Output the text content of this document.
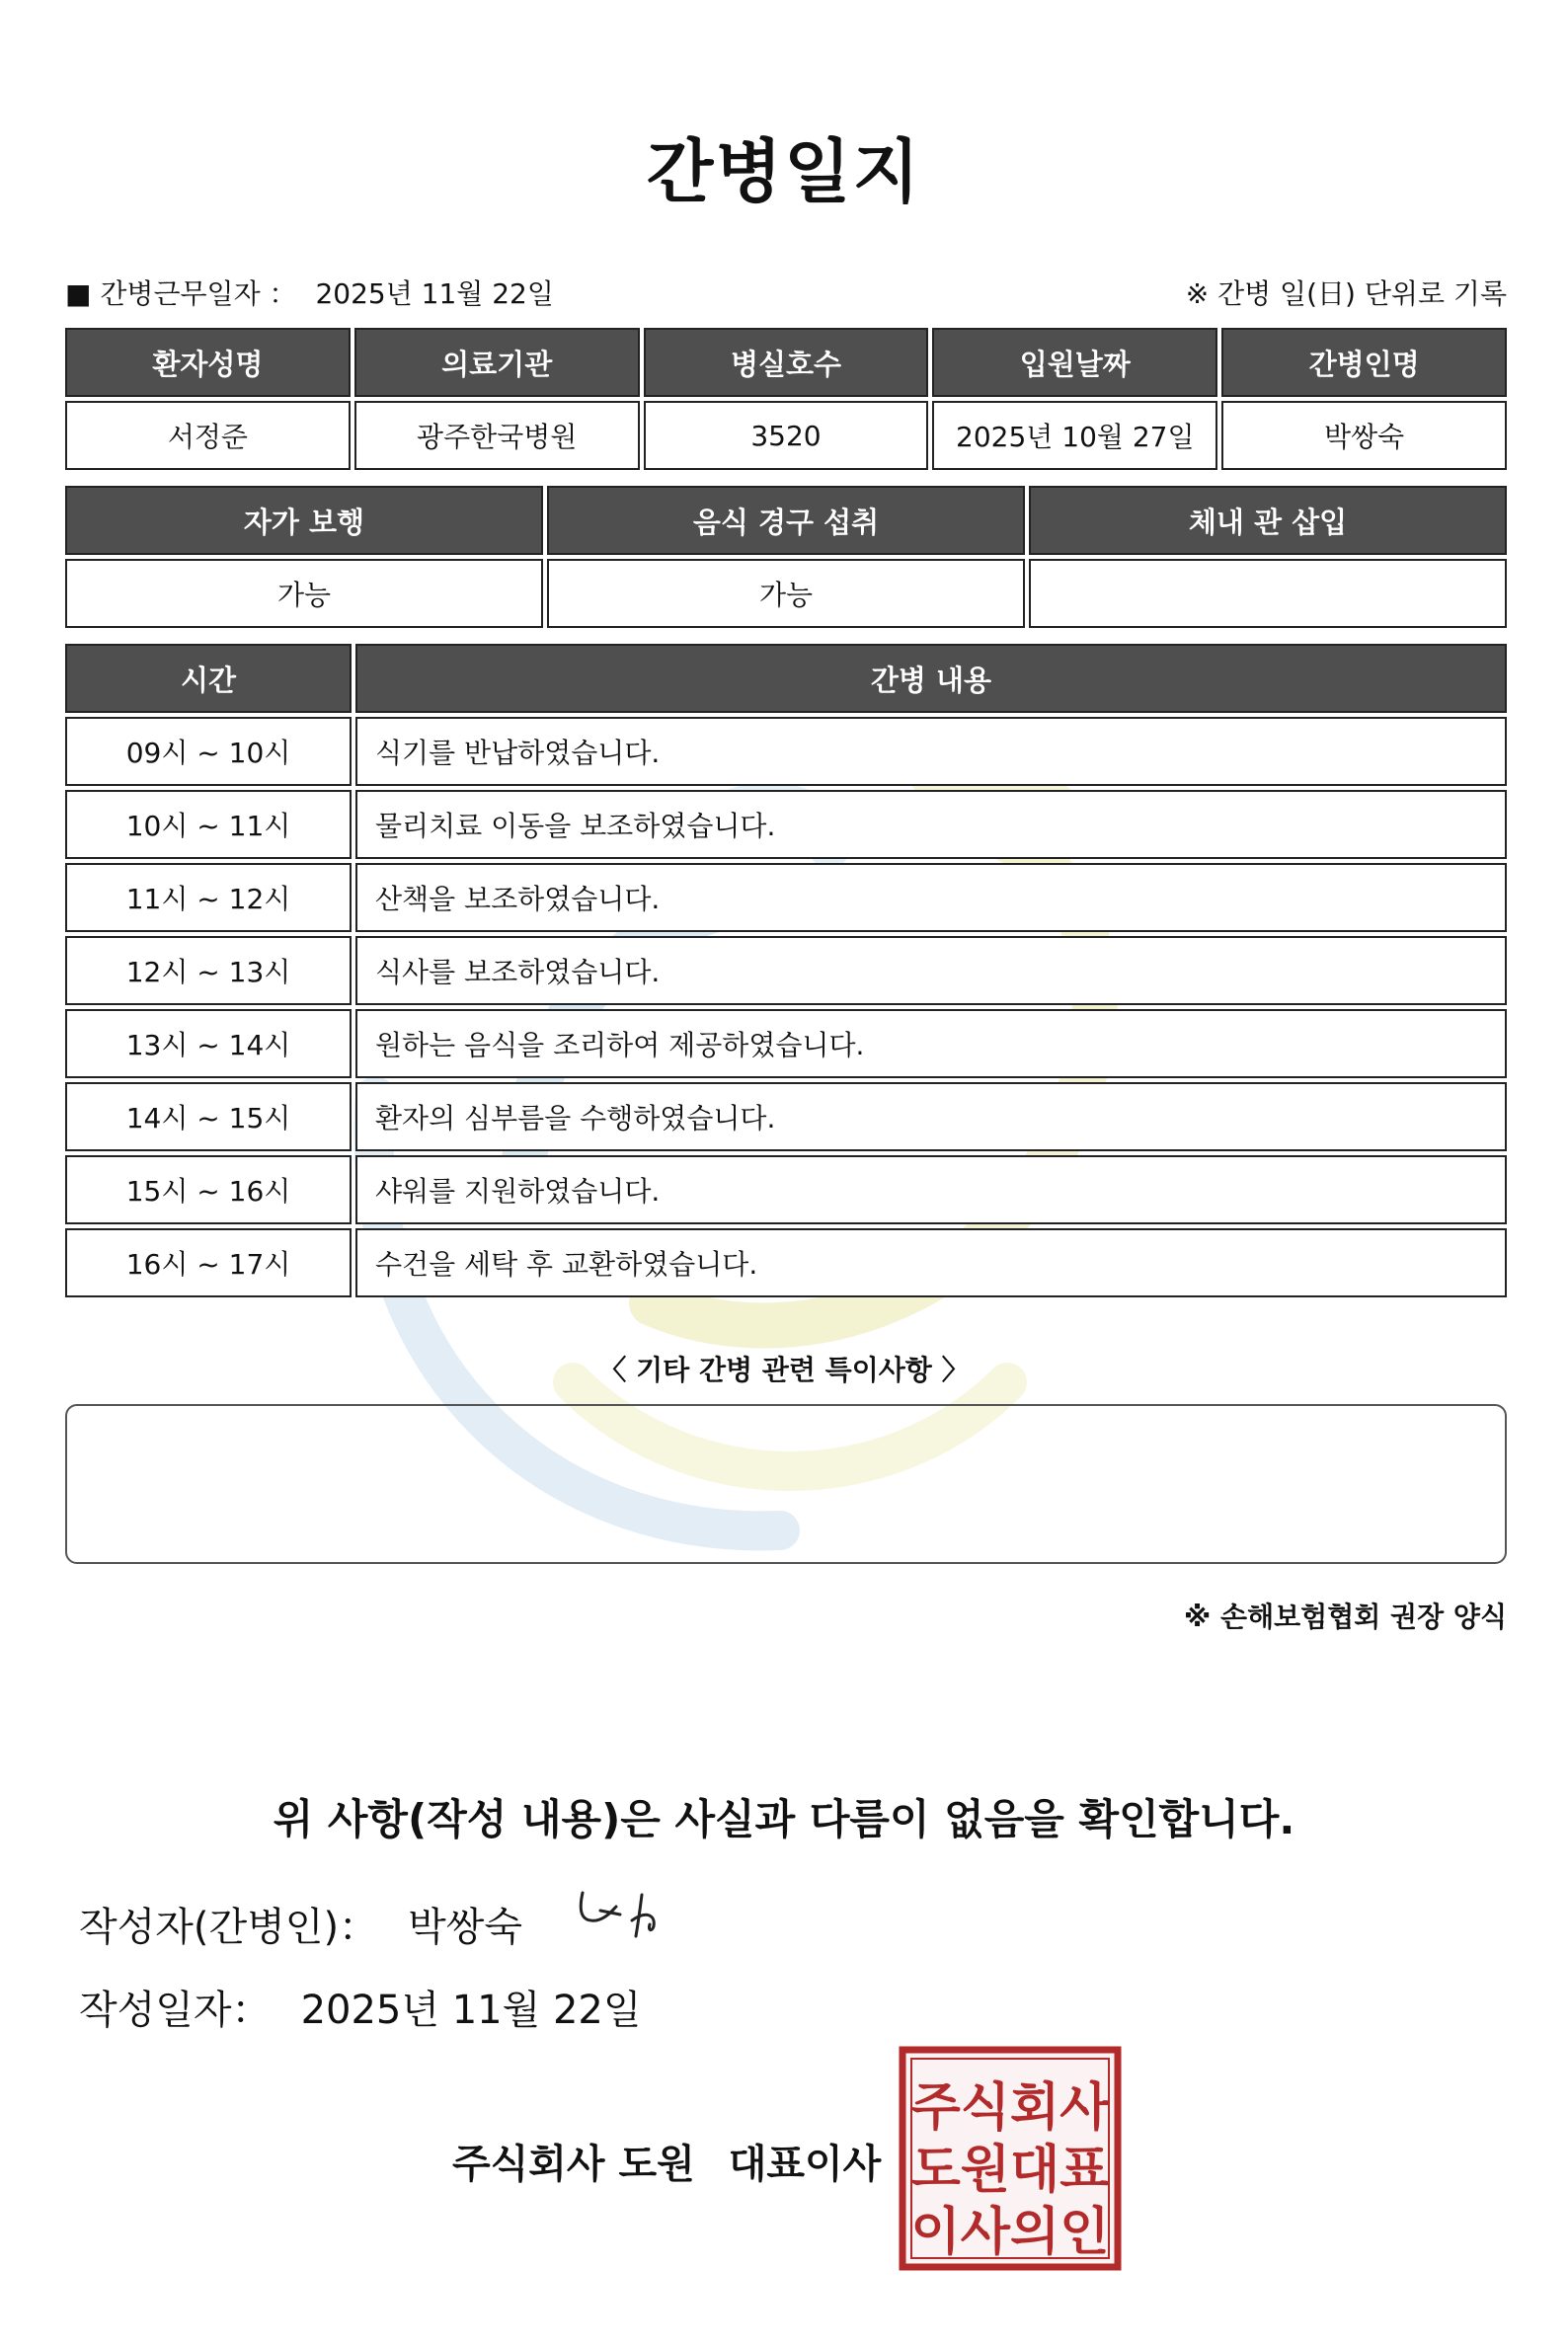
간병일지
■ 간병근무일자 ： 2025년 11월 22일	※ 간병 일(日) 단위로 기록
환자성명	의료기관	병실호수	입원날짜	간병인명
서정준	광주한국병원	3520	2025년 10월 27일	박쌍숙
자가 보행	음식 경구 섭취	체내 관 삽입
가능	가능	
시간	간병 내용
09시 ~ 10시	식기를 반납하였습니다.
10시 ~ 11시	물리치료 이동을 보조하였습니다.
11시 ~ 12시	산책을 보조하였습니다.
12시 ~ 13시	식사를 보조하였습니다.
13시 ~ 14시	원하는 음식을 조리하여 제공하였습니다.
14시 ~ 15시	환자의 심부름을 수행하였습니다.
15시 ~ 16시	샤워를 지원하였습니다.
16시 ~ 17시	수건을 세탁 후 교환하였습니다.
〈 기타 간병 관련 특이사항 〉
※ 손해보험협회 권장 양식
위 사항(작성 내용)은 사실과 다름이 없음을 확인합니다.
작성자(간병인)： 박쌍숙
작성일자： 2025년 11월 22일
주식회사 도원 대표이사
주식회사
도원대표
이사의인
